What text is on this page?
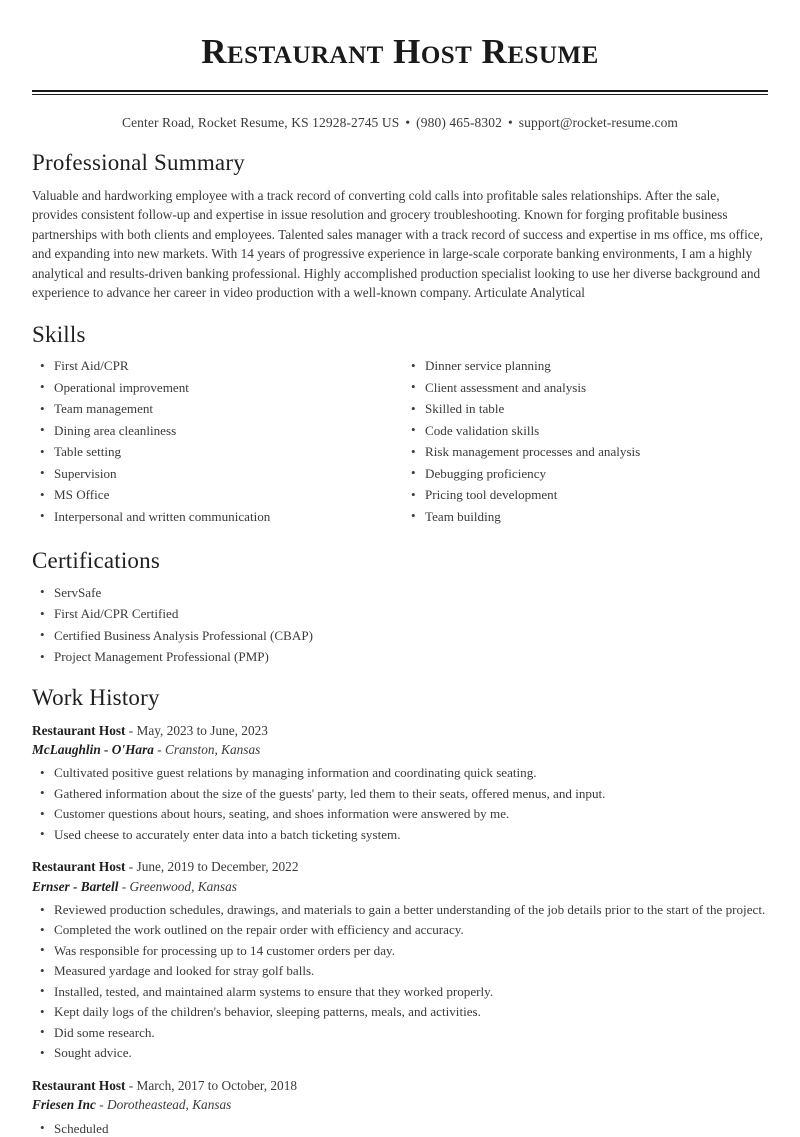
Restaurant Host Resume
Center Road, Rocket Resume, KS 12928-2745 US • (980) 465-8302 • support@rocket-resume.com
Professional Summary

Valuable and hardworking employee with a track record of converting cold calls into profitable sales relationships. After the sale, provides consistent follow-up and expertise in issue resolution and grocery troubleshooting. Known for forging profitable business partnerships with both clients and employees. Talented sales manager with a track record of success and expertise in ms office, ms office, and expanding into new markets. With 14 years of progressive experience in large-scale corporate banking environments, I am a highly analytical and results-driven banking professional. Highly accomplished production specialist looking to use her diverse background and experience to advance her career in video production with a well-known company. Articulate Analytical

Skills
• First Aid/CPR
• Operational improvement
• Team management
• Dining area cleanliness
• Table setting
• Supervision
• MS Office
• Interpersonal and written communication
• Dinner service planning
• Client assessment and analysis
• Skilled in table
• Code validation skills
• Risk management processes and analysis
• Debugging proficiency
• Pricing tool development
• Team building
Certifications
• ServSafe
• First Aid/CPR Certified
• Certified Business Analysis Professional (CBAP)
• Project Management Professional (PMP)
Work History
Restaurant Host - May, 2023 to June, 2023
McLaughlin - O'Hara - Cranston, Kansas
• Cultivated positive guest relations by managing information and coordinating quick seating.
• Gathered information about the size of the guests' party, led them to their seats, offered menus, and input.
• Customer questions about hours, seating, and shoes information were answered by me.
• Used cheese to accurately enter data into a batch ticketing system.
Restaurant Host - June, 2019 to December, 2022
Ernser - Bartell - Greenwood, Kansas
• Reviewed production schedules, drawings, and materials to gain a better understanding of the job details prior to the start of the project.
• Completed the work outlined on the repair order with efficiency and accuracy.
• Was responsible for processing up to 14 customer orders per day.
• Measured yardage and looked for stray golf balls.
• Installed, tested, and maintained alarm systems to ensure that they worked properly.
• Kept daily logs of the children's behavior, sleeping patterns, meals, and activities.
• Did some research.
• Sought advice.
Restaurant Host - March, 2017 to October, 2018
Friesen Inc - Dorotheastead, Kansas
• Scheduled
